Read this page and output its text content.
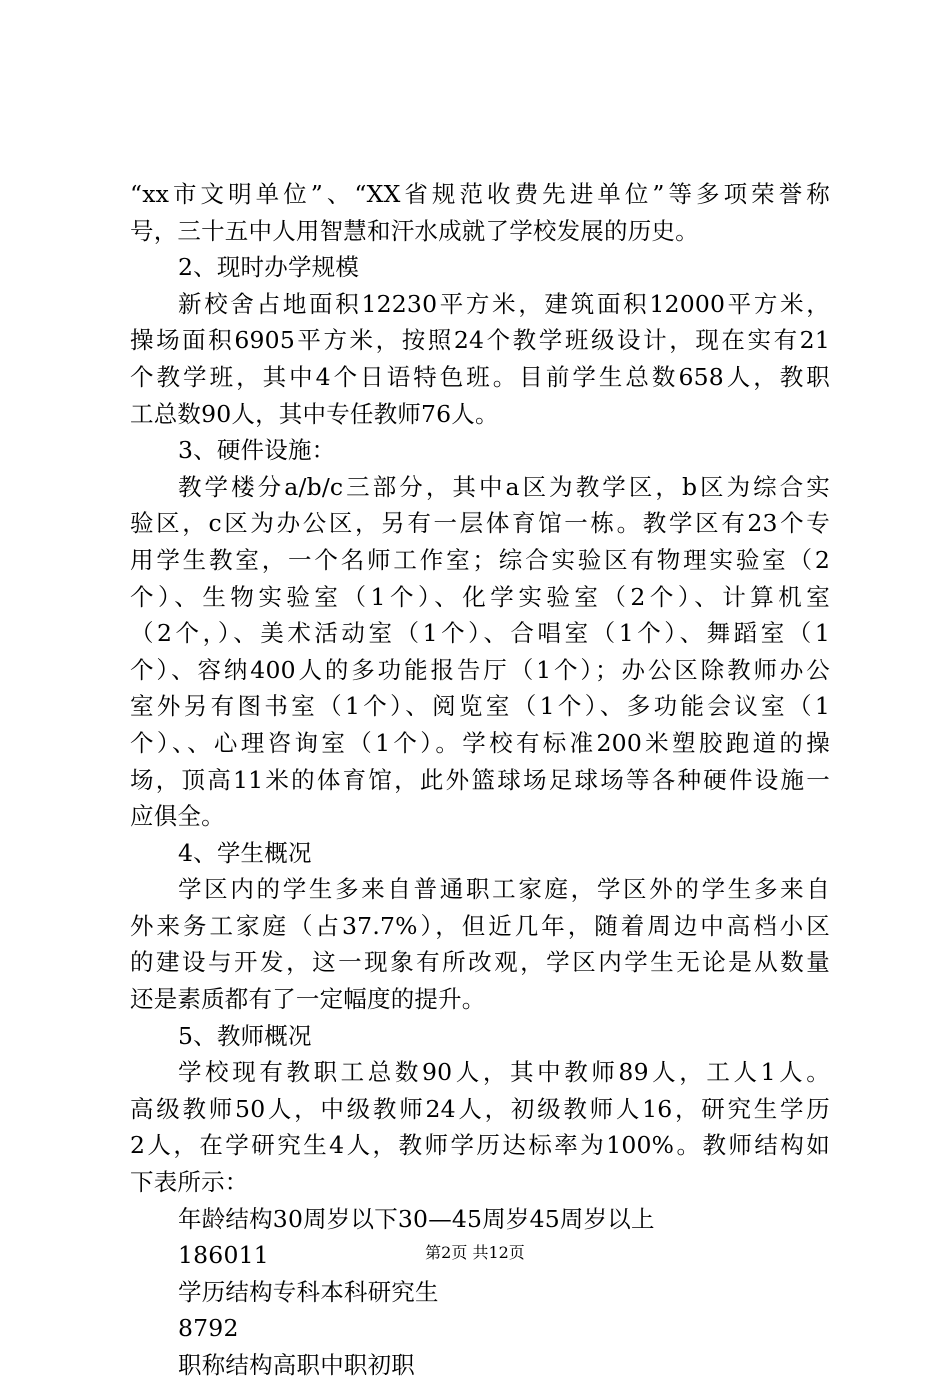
“xx市文明单位”、“XX省规范收费先进单位”等多项荣誉称
号，三十五中人用智慧和汗水成就了学校发展的历史。
2、现时办学规模
新校舍占地面积12230平方米，建筑面积12000平方米，
操场面积6905平方米，按照24个教学班级设计，现在实有21
个教学班，其中4个日语特色班。目前学生总数658人，教职
工总数90人，其中专任教师76人。
3、硬件设施：
教学楼分a/b/c三部分，其中a区为教学区，b区为综合实
验区，c区为办公区，另有一层体育馆一栋。教学区有23个专
用学生教室，一个名师工作室；综合实验区有物理实验室（2
个）、生物实验室（1个）、化学实验室（2个）、计算机室
（2个，）、美术活动室（1个）、合唱室（1个）、舞蹈室（1
个）、容纳400人的多功能报告厅（1个）；办公区除教师办公
室外另有图书室（1个）、阅览室（1个）、多功能会议室（1
个）、、心理咨询室（1个）。学校有标准200米塑胶跑道的操
场，顶高11米的体育馆，此外篮球场足球场等各种硬件设施一
应俱全。
4、学生概况
学区内的学生多来自普通职工家庭，学区外的学生多来自
外来务工家庭（占37.7%），但近几年，随着周边中高档小区
的建设与开发，这一现象有所改观，学区内学生无论是从数量
还是素质都有了一定幅度的提升。
5、教师概况
学校现有教职工总数90人，其中教师89人，工人1人。
高级教师50人，中级教师24人，初级教师人16，研究生学历
2人，在学研究生4人，教师学历达标率为100%。教师结构如
下表所示：
年龄结构30周岁以下30—45周岁45周岁以上
186011
学历结构专科本科研究生
8792
职称结构高职中职初职
第2页 共12页
